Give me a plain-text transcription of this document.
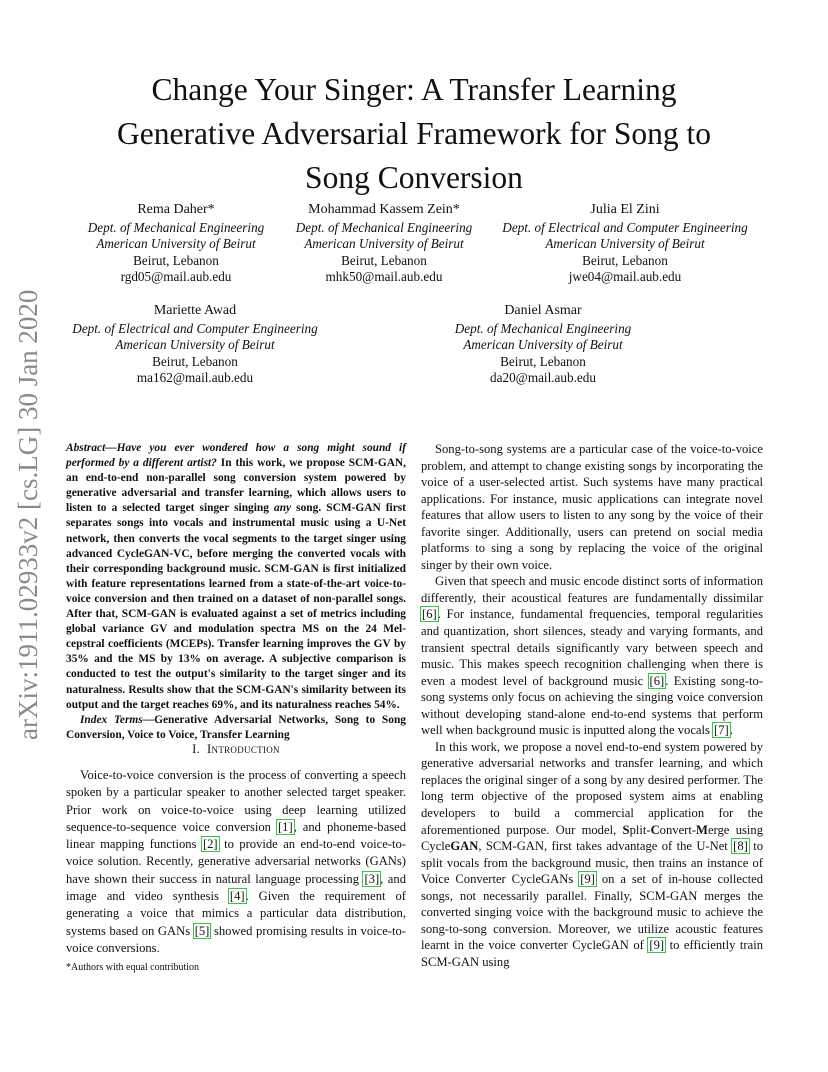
Change Your Singer: A Transfer Learning
Generative Adversarial Framework for Song to
Song Conversion
Rema Daher*
Dept. of Mechanical Engineering
American University of Beirut
Beirut, Lebanon
rgd05@mail.aub.edu
Mohammad Kassem Zein*
Dept. of Mechanical Engineering
American University of Beirut
Beirut, Lebanon
mhk50@mail.aub.edu
Julia El Zini
Dept. of Electrical and Computer Engineering
American University of Beirut
Beirut, Lebanon
jwe04@mail.aub.edu
Mariette Awad
Dept. of Electrical and Computer Engineering
American University of Beirut
Beirut, Lebanon
ma162@mail.aub.edu
Daniel Asmar
Dept. of Mechanical Engineering
American University of Beirut
Beirut, Lebanon
da20@mail.aub.edu
arXiv:1911.02933v2 [cs.LG] 30 Jan 2020	Abstract—Have you ever wondered how a song might sound if performed by a different artist? In this work, we propose SCM-GAN, an end-to-end non-parallel song conversion system powered by generative adversarial and transfer learning, which allows users to listen to a selected target singer singing any song. SCM-GAN first separates songs into vocals and instrumental music using a U-Net network, then converts the vocal segments to the target singer using advanced CycleGAN-VC, before merging the converted vocals with their corresponding background music. SCM-GAN is first initialized with feature representations learned from a state-of-the-art voice-to-voice conversion and then trained on a dataset of non-parallel songs. After that, SCM-GAN is evaluated against a set of metrics including global variance GV and modulation spectra MS on the 24 Mel-cepstral coefficients (MCEPs). Transfer learning improves the GV by 35% and the MS by 13% on average. A subjective comparison is conducted to test the output's similarity to the target singer and its naturalness. Results show that the SCM-GAN's similarity between its output and the target reaches 69%, and its naturalness reaches 54%.

Index Terms—Generative Adversarial Networks, Song to Song Conversion, Voice to Voice, Transfer Learning

I. Introduction

Voice-to-voice conversion is the process of converting a speech spoken by a particular speaker to another selected target speaker. Prior work on voice-to-voice using deep learning utilized sequence-to-sequence voice conversion [1], and phoneme-based linear mapping functions [2] to provide an end-to-end voice-to-voice solution. Recently, generative adversarial networks (GANs) have shown their success in natural language processing [3], and image and video synthesis [4]. Given the requirement of generating a voice that mimics a particular data distribution, systems based on GANs [5] showed promising results in voice-to-voice conversions.

*Authors with equal contribution

Song-to-song systems are a particular case of the voice-to-voice problem, and attempt to change existing songs by incorporating the voice of a user-selected artist. Such systems have many practical applications. For instance, music applications can integrate novel features that allow users to listen to any song by the voice of their favorite singer. Additionally, users can pretend on social media platforms to sing a song by replacing the voice of the original singer by their own voice.

Given that speech and music encode distinct sorts of information differently, their acoustical features are fundamentally dissimilar [6]. For instance, fundamental frequencies, temporal regularities and quantization, short silences, steady and varying formants, and transient spectral details significantly vary between speech and music. This makes speech recognition challenging when there is even a modest level of background music [6]. Existing song-to-song systems only focus on achieving the singing voice conversion without developing stand-alone end-to-end systems that perform well when background music is inputted along the vocals [7].

In this work, we propose a novel end-to-end system powered by generative adversarial networks and transfer learning, and which replaces the original singer of a song by any desired performer. The long term objective of the proposed system aims at enabling developers to build a commercial application for the aforementioned purpose. Our model, Split-Convert-Merge using CycleGAN, SCM-GAN, first takes advantage of the U-Net [8] to split vocals from the background music, then trains an instance of Voice Converter CycleGANs [9] on a set of in-house collected songs, not necessarily parallel. Finally, SCM-GAN merges the converted singing voice with the background music to achieve the song-to-song conversion. Moreover, we utilize acoustic features learnt in the voice converter CycleGAN of [9] to efficiently train SCM-GAN using
